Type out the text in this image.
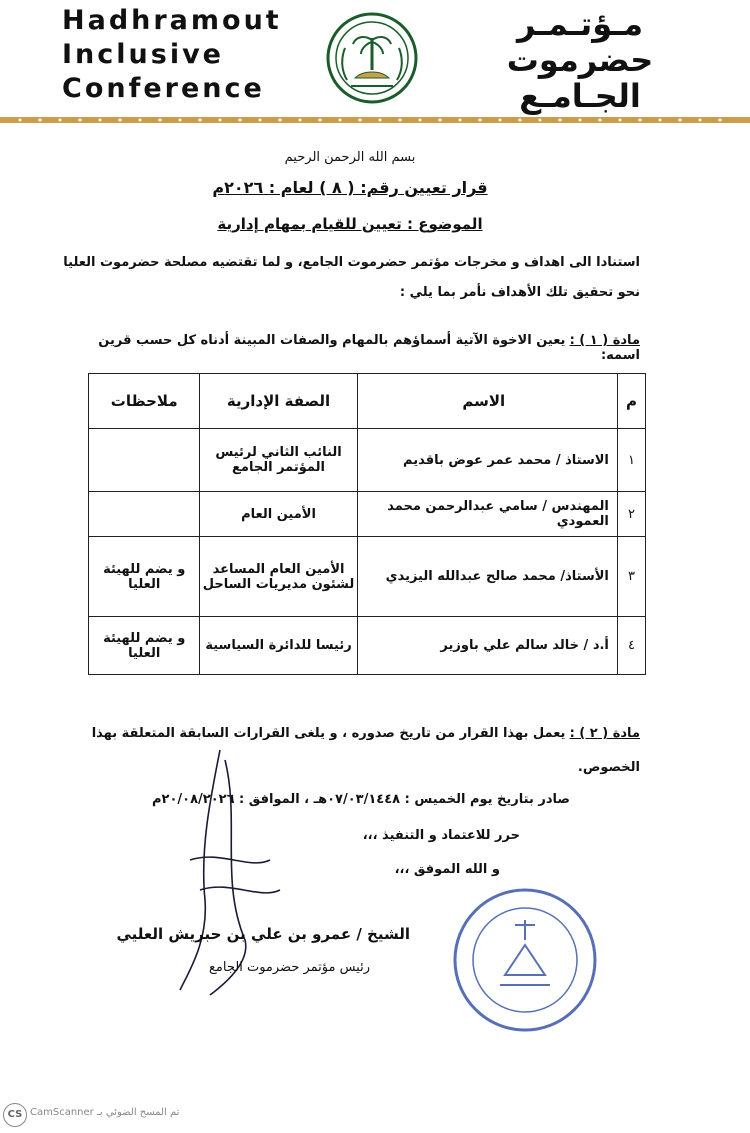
Hadhramout
Inclusive
Conference
مـؤتـمـر
حضرموت
الجـامـع
بسم الله الرحمن الرحيم
قرار تعيين رقم: ( ٨ ) لعام : ٢٠٢٦م
الموضوع : تعيين للقيام بمهام إدارية
استنادا الى اهداف و مخرجات مؤتمر حضرموت الجامع، و لما تقتضيه مصلحة حضرموت العليا
نحو تحقيق تلك الأهداف نأمر بما يلي :
مادة ( ١ ) : يعين الاخوة الآتية أسماؤهم بالمهام والصفات المبينة أدناه كل حسب قرين اسمه:
م	الاسم	الصفة الإدارية	ملاحظات
١	الاستاذ / محمد عمر عوض باقديم	النائب الثاني لرئيس المؤتمر الجامع	
٢	المهندس / سامي عبدالرحمن محمد العمودي	الأمين العام	
٣	الأستاذ/ محمد صالح عبدالله اليزيدي	الأمين العام المساعد لشئون مديريات الساحل	و يضم للهيئة العليا
٤	أ.د / خالد سالم علي باوزير	رئيسا للدائرة السياسية	و يضم للهيئة العليا
مادة ( ٢ ) : يعمل بهذا القرار من تاريخ صدوره ، و يلغى القرارات السابقة المتعلقة بهذا
الخصوص.
صادر بتاريخ يوم الخميس : ٠٧/٠٣/١٤٤٨هـ ، الموافق : ٢٠/٠٨/٢٠٢٦م
حرر للاعتماد و التنفيذ ،،،
و الله الموفق ،،،
الشيخ / عمرو بن علي بن حبريش العليي
رئيس مؤتمر حضرموت الجامع
CS تم المسح الضوئي بـ CamScanner
